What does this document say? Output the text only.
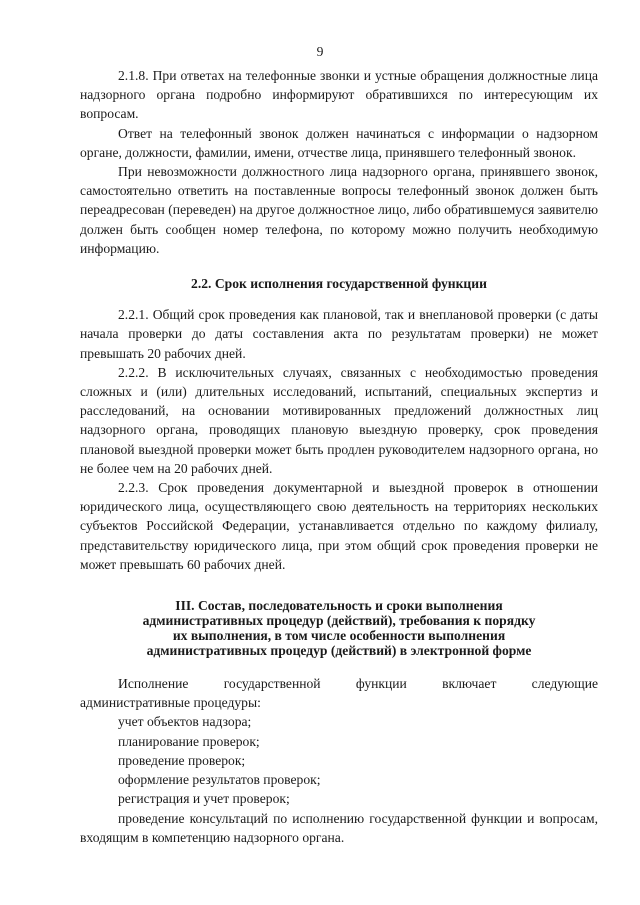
9

2.1.8. При ответах на телефонные звонки и устные обращения должностные лица надзорного органа подробно информируют обратившихся по интересующим их вопросам.

Ответ на телефонный звонок должен начинаться с информации о надзорном органе, должности, фамилии, имени, отчестве лица, принявшего телефонный звонок.

При невозможности должностного лица надзорного органа, принявшего звонок, самостоятельно ответить на поставленные вопросы телефонный звонок должен быть переадресован (переведен) на другое должностное лицо, либо обратившемуся заявителю должен быть сообщен номер телефона, по которому можно получить необходимую информацию.

2.2. Срок исполнения государственной функции

2.2.1. Общий срок проведения как плановой, так и внеплановой проверки (с даты начала проверки до даты составления акта по результатам проверки) не может превышать 20 рабочих дней.

2.2.2. В исключительных случаях, связанных с необходимостью проведения сложных и (или) длительных исследований, испытаний, специальных экспертиз и расследований, на основании мотивированных предложений должностных лиц надзорного органа, проводящих плановую выездную проверку, срок проведения плановой выездной проверки может быть продлен руководителем надзорного органа, но не более чем на 20 рабочих дней.

2.2.3. Срок проведения документарной и выездной проверок в отношении юридического лица, осуществляющего свою деятельность на территориях нескольких субъектов Российской Федерации, устанавливается отдельно по каждому филиалу, представительству юридического лица, при этом общий срок проведения проверки не может превышать 60 рабочих дней.

III. Состав, последовательность и сроки выполнения
административных процедур (действий), требования к порядку
их выполнения, в том числе особенности выполнения
административных процедур (действий) в электронной форме

Исполнение государственной функции включает следующие

административные процедуры:

учет объектов надзора;

планирование проверок;

проведение проверок;

оформление результатов проверок;

регистрация и учет проверок;

проведение консультаций по исполнению государственной функции и вопросам, входящим в компетенцию надзорного органа.
